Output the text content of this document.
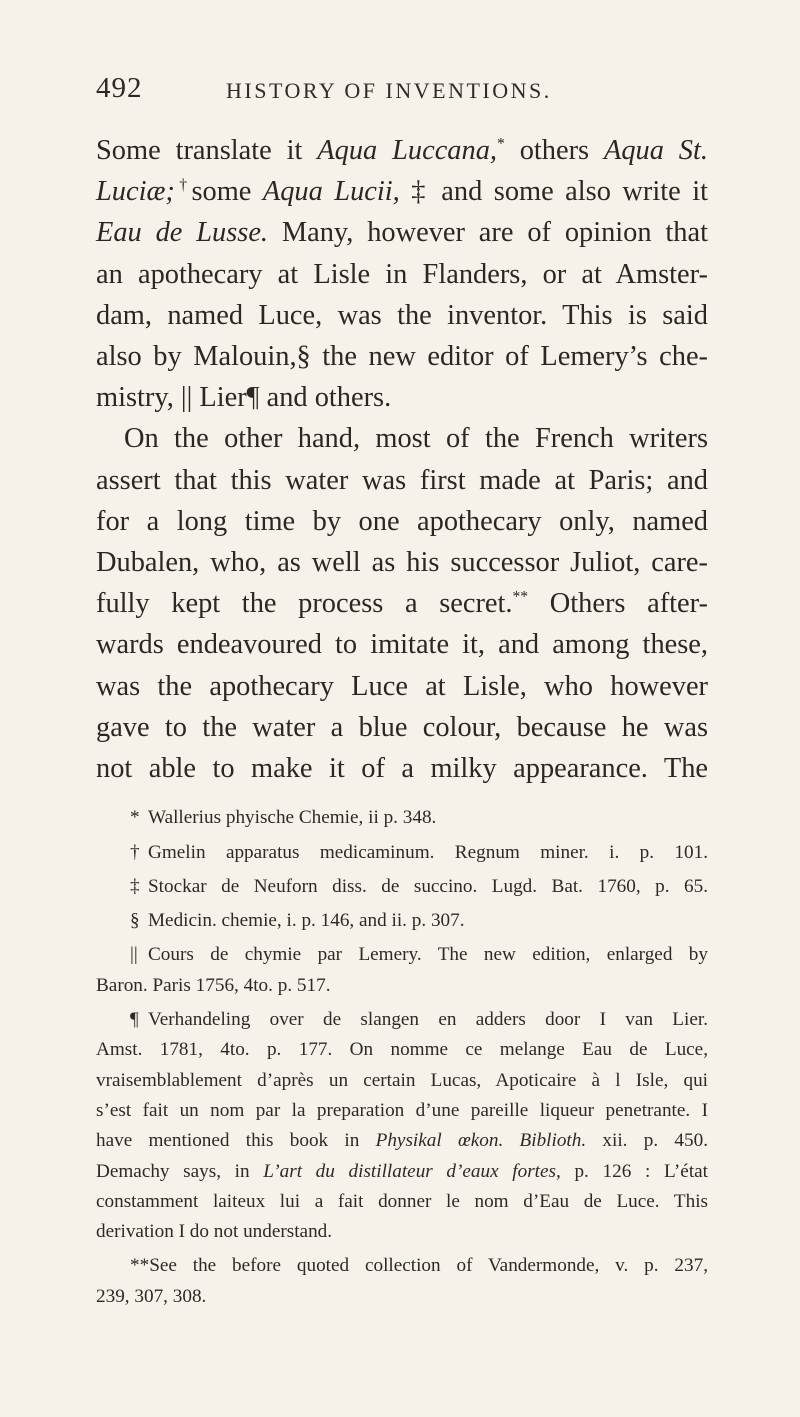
492	HISTORY OF INVENTIONS.
Some translate it Aqua Luccana,* others Aqua St.
Luciæ;†some Aqua Lucii, ‡ and some also write it
Eau de Lusse. Many, however are of opinion that
an apothecary at Lisle in Flanders, or at Amster-
dam, named Luce, was the inventor. This is said
also by Malouin,§ the new editor of Lemery’s che-
mistry, || Lier¶ and others.
On the other hand, most of the French writers
assert that this water was first made at Paris; and
for a long time by one apothecary only, named
Dubalen, who, as well as his successor Juliot, care-
fully kept the process a secret.** Others after-
wards endeavoured to imitate it, and among these,
was the apothecary Luce at Lisle, who however
gave to the water a blue colour, because he was
not able to make it of a milky appearance. The
* Wallerius phyische Chemie, ii p. 348.
† Gmelin apparatus medicaminum. Regnum miner. i. p. 101.
‡ Stockar de Neuforn diss. de succino. Lugd. Bat. 1760, p. 65.
§ Medicin. chemie, i. p. 146, and ii. p. 307.
|| Cours de chymie par Lemery. The new edition, enlarged by
Baron. Paris 1756, 4to. p. 517.
¶ Verhandeling over de slangen en adders door I van Lier.
Amst. 1781, 4to. p. 177. On nomme ce melange Eau de Luce,
vraisemblablement d’après un certain Lucas, Apoticaire à l Isle, qui
s’est fait un nom par la preparation d’une pareille liqueur penetrante. I
have mentioned this book in Physikal œkon. Biblioth. xii. p. 450.
Demachy says, in L’art du distillateur d’eaux fortes, p. 126 : L’état
constamment laiteux lui a fait donner le nom d’Eau de Luce. This
derivation I do not understand.
**See the before quoted collection of Vandermonde, v. p. 237,
239, 307, 308.
